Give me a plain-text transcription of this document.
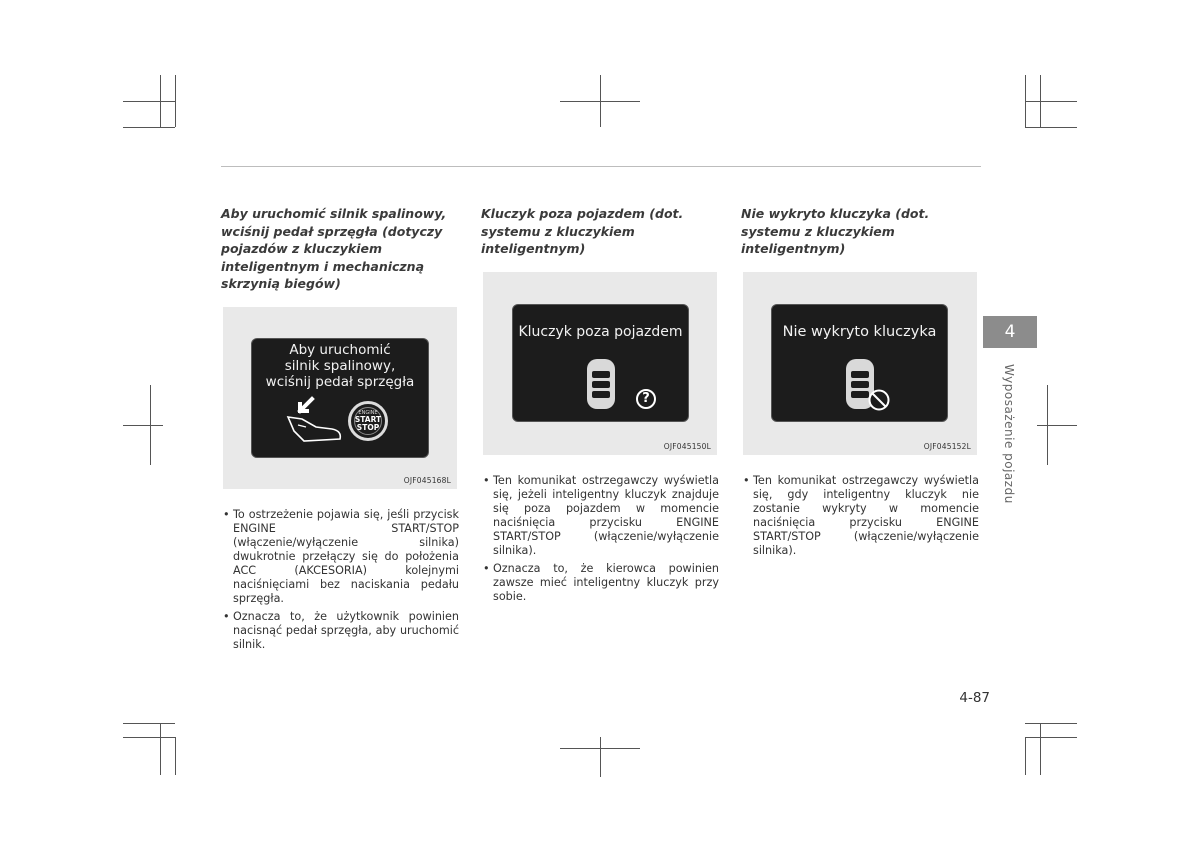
Aby uruchomić silnik spalinowy, wciśnij pedał sprzęgła (dotyczy pojazdów z kluczykiem inteligentnym i mechaniczną skrzynią biegów)
Aby uruchomić
silnik spalinowy,
wciśnij pedał sprzęgła
ENGINE
START
STOP
OJF045168L
• To ostrzeżenie pojawia się, jeśli przycisk ENGINE START/STOP (włączenie/wyłączenie silnika) dwukrotnie przełączy się do położenia ACC (AKCESORIA) kolejnymi naciśnięciami bez naciskania pedału sprzęgła.
• Oznacza to, że użytkownik powinien nacisnąć pedał sprzęgła, aby uruchomić silnik.
Kluczyk poza pojazdem (dot. systemu z kluczykiem inteligentnym)
Kluczyk poza pojazdem
?
OJF045150L
• Ten komunikat ostrzegawczy wyświetla się, jeżeli inteligentny kluczyk znajduje się poza pojazdem w momencie naciśnięcia przycisku ENGINE START/STOP (włączenie/wyłączenie silnika).
• Oznacza to, że kierowca powinien zawsze mieć inteligentny kluczyk przy sobie.
Nie wykryto kluczyka (dot. systemu z kluczykiem inteligentnym)
Nie wykryto kluczyka
OJF045152L
• Ten komunikat ostrzegawczy wyświetla się, gdy inteligentny kluczyk nie zostanie wykryty w momencie naciśnięcia przycisku ENGINE START/STOP (włączenie/wyłączenie silnika).
4
Wyposażenie pojazdu
4-87
